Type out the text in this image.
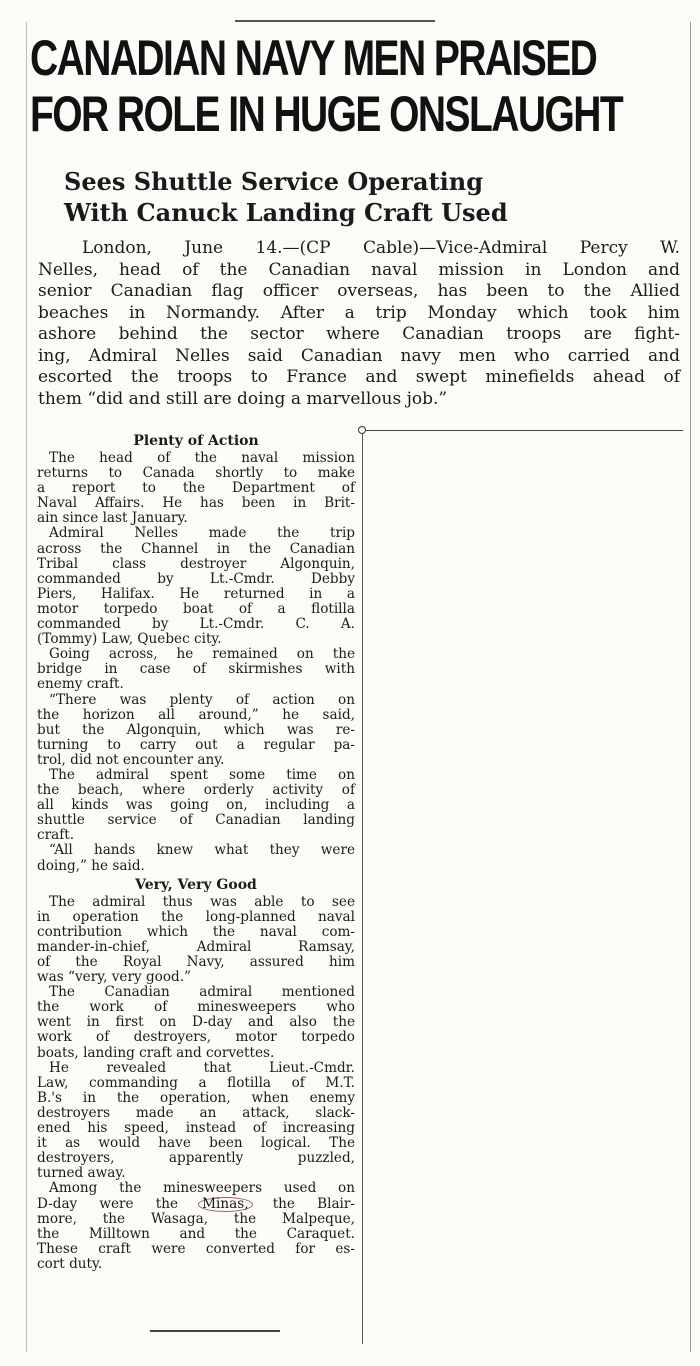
CANADIAN NAVY MEN PRAISED
FOR ROLE IN HUGE ONSLAUGHT
Sees Shuttle Service Operating
With Canuck Landing Craft Used
London, June 14.—(CP Cable)—Vice-Admiral Percy W.
Nelles, head of the Canadian naval mission in London and
senior Canadian flag officer overseas, has been to the Allied
beaches in Normandy. After a trip Monday which took him
ashore behind the sector where Canadian troops are fight-
ing, Admiral Nelles said Canadian navy men who carried and
escorted the troops to France and swept minefields ahead of
them “did and still are doing a marvellous job.”
Plenty of Action
The head of the naval mission
returns to Canada shortly to make
a report to the Department of
Naval Affairs. He has been in Brit-
ain since last January.
Admiral Nelles made the trip
across the Channel in the Canadian
Tribal class destroyer Algonquin,
commanded by Lt.-Cmdr. Debby
Piers, Halifax. He returned in a
motor torpedo boat of a flotilla
commanded by Lt.-Cmdr. C. A.
(Tommy) Law, Quebec city.
Going across, he remained on the
bridge in case of skirmishes with
enemy craft.
“There was plenty of action on
the horizon all around,” he said,
but the Algonquin, which was re-
turning to carry out a regular pa-
trol, did not encounter any.
The admiral spent some time on
the beach, where orderly activity of
all kinds was going on, including a
shuttle service of Canadian landing
craft.
“All hands knew what they were
doing,” he said.
Very, Very Good
The admiral thus was able to see
in operation the long-planned naval
contribution which the naval com-
mander-in-chief, Admiral Ramsay,
of the Royal Navy, assured him
was “very, very good.”
The Canadian admiral mentioned
the work of minesweepers who
went in first on D-day and also the
work of destroyers, motor torpedo
boats, landing craft and corvettes.
He revealed that Lieut.-Cmdr.
Law, commanding a flotilla of M.T.
B.'s in the operation, when enemy
destroyers made an attack, slack-
ened his speed, instead of increasing
it as would have been logical. The
destroyers, apparently puzzled,
turned away.
Among the minesweepers used on
D-day were the Minas, the Blair-
more, the Wasaga, the Malpeque,
the Milltown and the Caraquet.
These craft were converted for es-
cort duty.
